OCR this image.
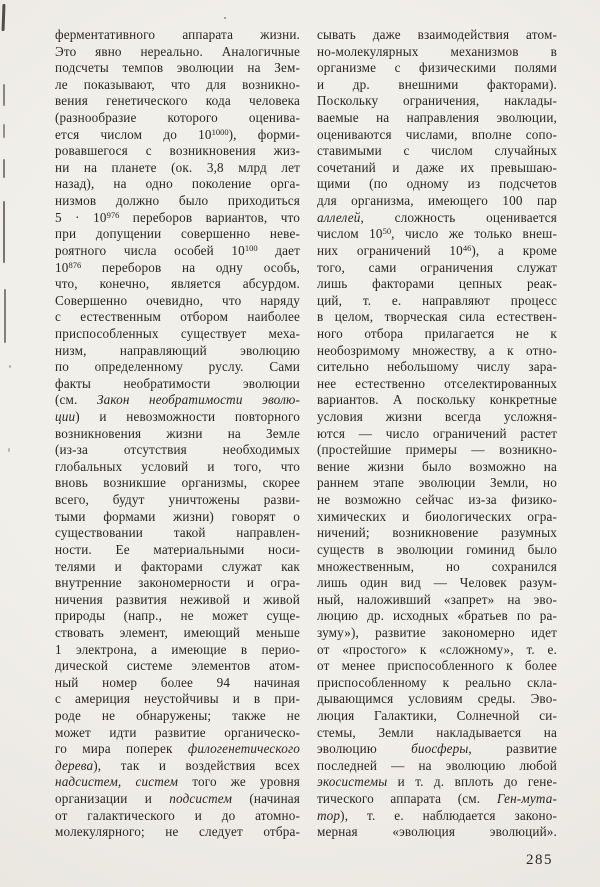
ферментативного аппарата жизни.
Это явно нереально. Аналогичные
подсчеты темпов эволюции на Зем-
ле показывают, что для возникно-
вения генетического кода человека
(разнообразие которого оценива-
ется числом до $10^{1000}$), форми-
ровавшегося с возникновения жиз-
ни на планете (ок. 3,8 млрд лет
назад), на одно поколение орга-
низмов должно было приходиться
$5 \cdot 10^{976}$ переборов вариантов, что
при допущении совершенно неве-
роятного числа особей $10^{100}$ дает
$10^{876}$ переборов на одну особь,
что, конечно, является абсурдом.
Совершенно очевидно, что наряду
с естественным отбором наиболее
приспособленных существует меха-
низм, направляющий эволюцию
по определенному руслу. Сами
факты необратимости эволюции
(см. Закон необратимости эволю-
ции) и невозможности повторного
возникновения жизни на Земле
(из-за отсутствия необходимых
глобальных условий и того, что
вновь возникшие организмы, скорее
всего, будут уничтожены разви-
тыми формами жизни) говорят о
существовании такой направлен-
ности. Ее материальными носи-
телями и факторами служат как
внутренние закономерности и огра-
ничения развития неживой и живой
природы (напр., не может суще-
ствовать элемент, имеющий меньше
1 электрона, а имеющие в перио-
дической системе элементов атом-
ный номер более 94 начиная
с америция неустойчивы и в при-
роде не обнаружены; также не
может идти развитие органическо-
го мира поперек филогенетического
дерева), так и воздействия всех
надсистем, систем того же уровня
организации и подсистем (начиная
от галактического и до атомно-
молекулярного; не следует отбра-
сывать даже взаимодействия атом-
но-молекулярных механизмов в
организме с физическими полями
и др. внешними факторами).
Поскольку ограничения, наклады-
ваемые на направления эволюции,
оцениваются числами, вполне сопо-
ставимыми с числом случайных
сочетаний и даже их превышаю-
щими (по одному из подсчетов
для организма, имеющего 100 пар
аллелей, сложность оценивается
числом $10^{50}$, число же только внеш-
них ограничений $10^{46}$), а кроме
того, сами ограничения служат
лишь факторами цепных реак-
ций, т. е. направляют процесс
в целом, творческая сила естествен-
ного отбора прилагается не к
необозримому множеству, а к отно-
сительно небольшому числу зара-
нее естественно отселектированных
вариантов. А поскольку конкретные
условия жизни всегда усложня-
ются — число ограничений растет
(простейшие примеры — возникно-
вение жизни было возможно на
раннем этапе эволюции Земли, но
не возможно сейчас из-за физико-
химических и биологических огра-
ничений; возникновение разумных
существ в эволюции гоминид было
множественным, но сохранился
лишь один вид — Человек разум-
ный, наложивший «запрет» на эво-
люцию др. исходных «братьев по ра-
зуму»), развитие закономерно идет
от «простого» к «сложному», т. е.
от менее приспособленного к более
приспособленному к реально скла-
дывающимся условиям среды. Эво-
люция Галактики, Солнечной си-
стемы, Земли накладывается на
эволюцию биосферы, развитие
последней — на эволюцию любой
экосистемы и т. д. вплоть до гене-
тического аппарата (см. Ген-мута-
тор), т. е. наблюдается законо-
мерная «эволюция эволюций».
285
